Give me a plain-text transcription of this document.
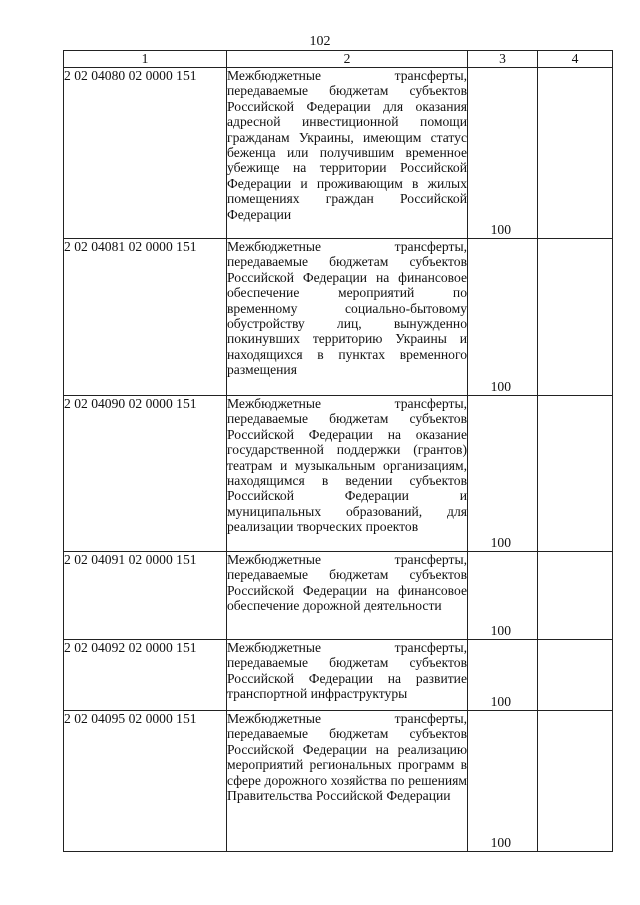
102
1	2	3	4
2 02 04080 02 0000 151	Межбюджетные трансферты, передаваемые бюджетам субъектов Российской Федерации для оказания адресной инвестиционной помощи гражданам Украины, имеющим статус беженца или получившим временное убежище на территории Российской Федерации и проживающим в жилых помещениях граждан Российской Федерации	100	

2 02 04081 02 0000 151	Межбюджетные трансферты, передаваемые бюджетам субъектов Российской Федерации на финансовое обеспечение мероприятий по временному социально-бытовому обустройству лиц, вынужденно покинувших территорию Украины и находящихся в пунктах временного размещения	100	

2 02 04090 02 0000 151	Межбюджетные трансферты, передаваемые бюджетам субъектов Российской Федерации на оказание государственной поддержки (грантов) театрам и музыкальным организациям, находящимся в ведении субъектов Российской Федерации и муниципальных образований, для реализации творческих проектов	100	

2 02 04091 02 0000 151	Межбюджетные трансферты, передаваемые бюджетам субъектов Российской Федерации на финансовое обеспечение дорожной деятельности	100	

2 02 04092 02 0000 151	Межбюджетные трансферты, передаваемые бюджетам субъектов Российской Федерации на развитие транспортной инфраструктуры	100	

2 02 04095 02 0000 151	Межбюджетные трансферты, передаваемые бюджетам субъектов Российской Федерации на реализацию мероприятий региональных программ в сфере дорожного хозяйства по решениям Правительства Российской Федерации	100	
